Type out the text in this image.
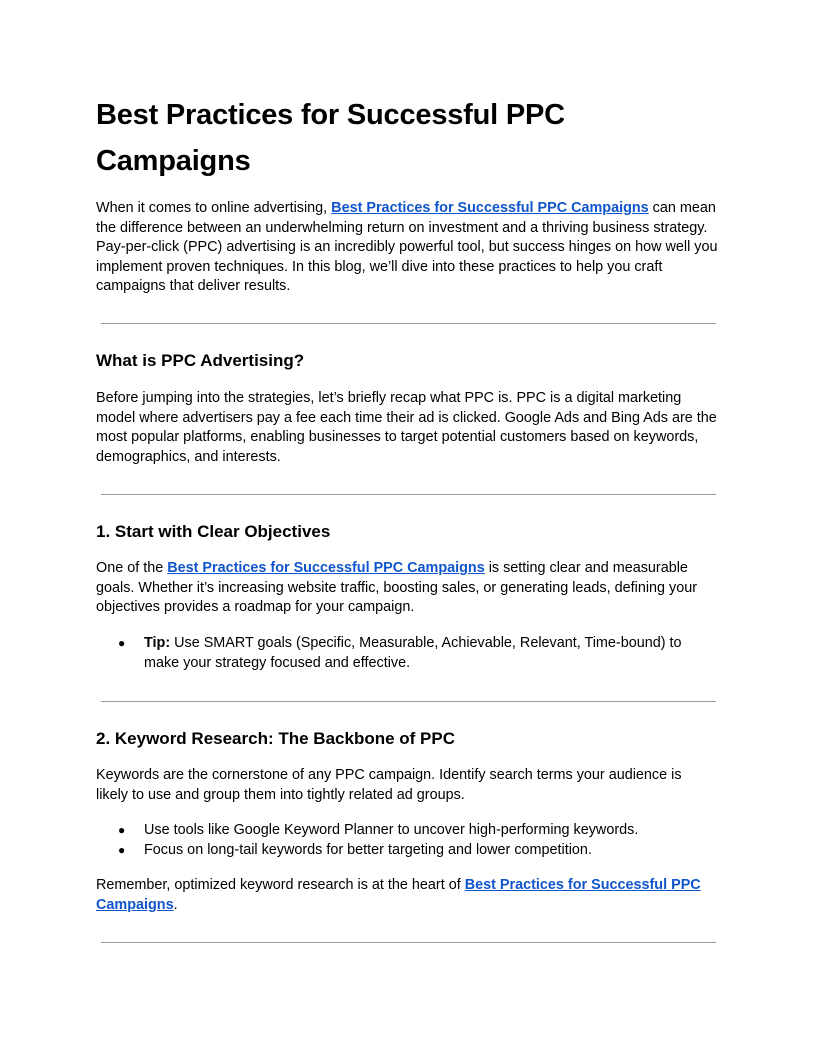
Best Practices for Successful PPC Campaigns

When it comes to online advertising, Best Practices for Successful PPC Campaigns can mean the difference between an underwhelming return on investment and a thriving business strategy. Pay-per-click (PPC) advertising is an incredibly powerful tool, but success hinges on how well you implement proven techniques. In this blog, we’ll dive into these practices to help you craft campaigns that deliver results.

What is PPC Advertising?

Before jumping into the strategies, let’s briefly recap what PPC is. PPC is a digital marketing model where advertisers pay a fee each time their ad is clicked. Google Ads and Bing Ads are the most popular platforms, enabling businesses to target potential customers based on keywords, demographics, and interests.

1. Start with Clear Objectives

One of the Best Practices for Successful PPC Campaigns is setting clear and measurable goals. Whether it’s increasing website traffic, boosting sales, or generating leads, defining your objectives provides a roadmap for your campaign.

● Tip: Use SMART goals (Specific, Measurable, Achievable, Relevant, Time-bound) to make your strategy focused and effective.
2. Keyword Research: The Backbone of PPC

Keywords are the cornerstone of any PPC campaign. Identify search terms your audience is likely to use and group them into tightly related ad groups.

● Use tools like Google Keyword Planner to uncover high-performing keywords.
● Focus on long-tail keywords for better targeting and lower competition.

Remember, optimized keyword research is at the heart of Best Practices for Successful PPC Campaigns.
